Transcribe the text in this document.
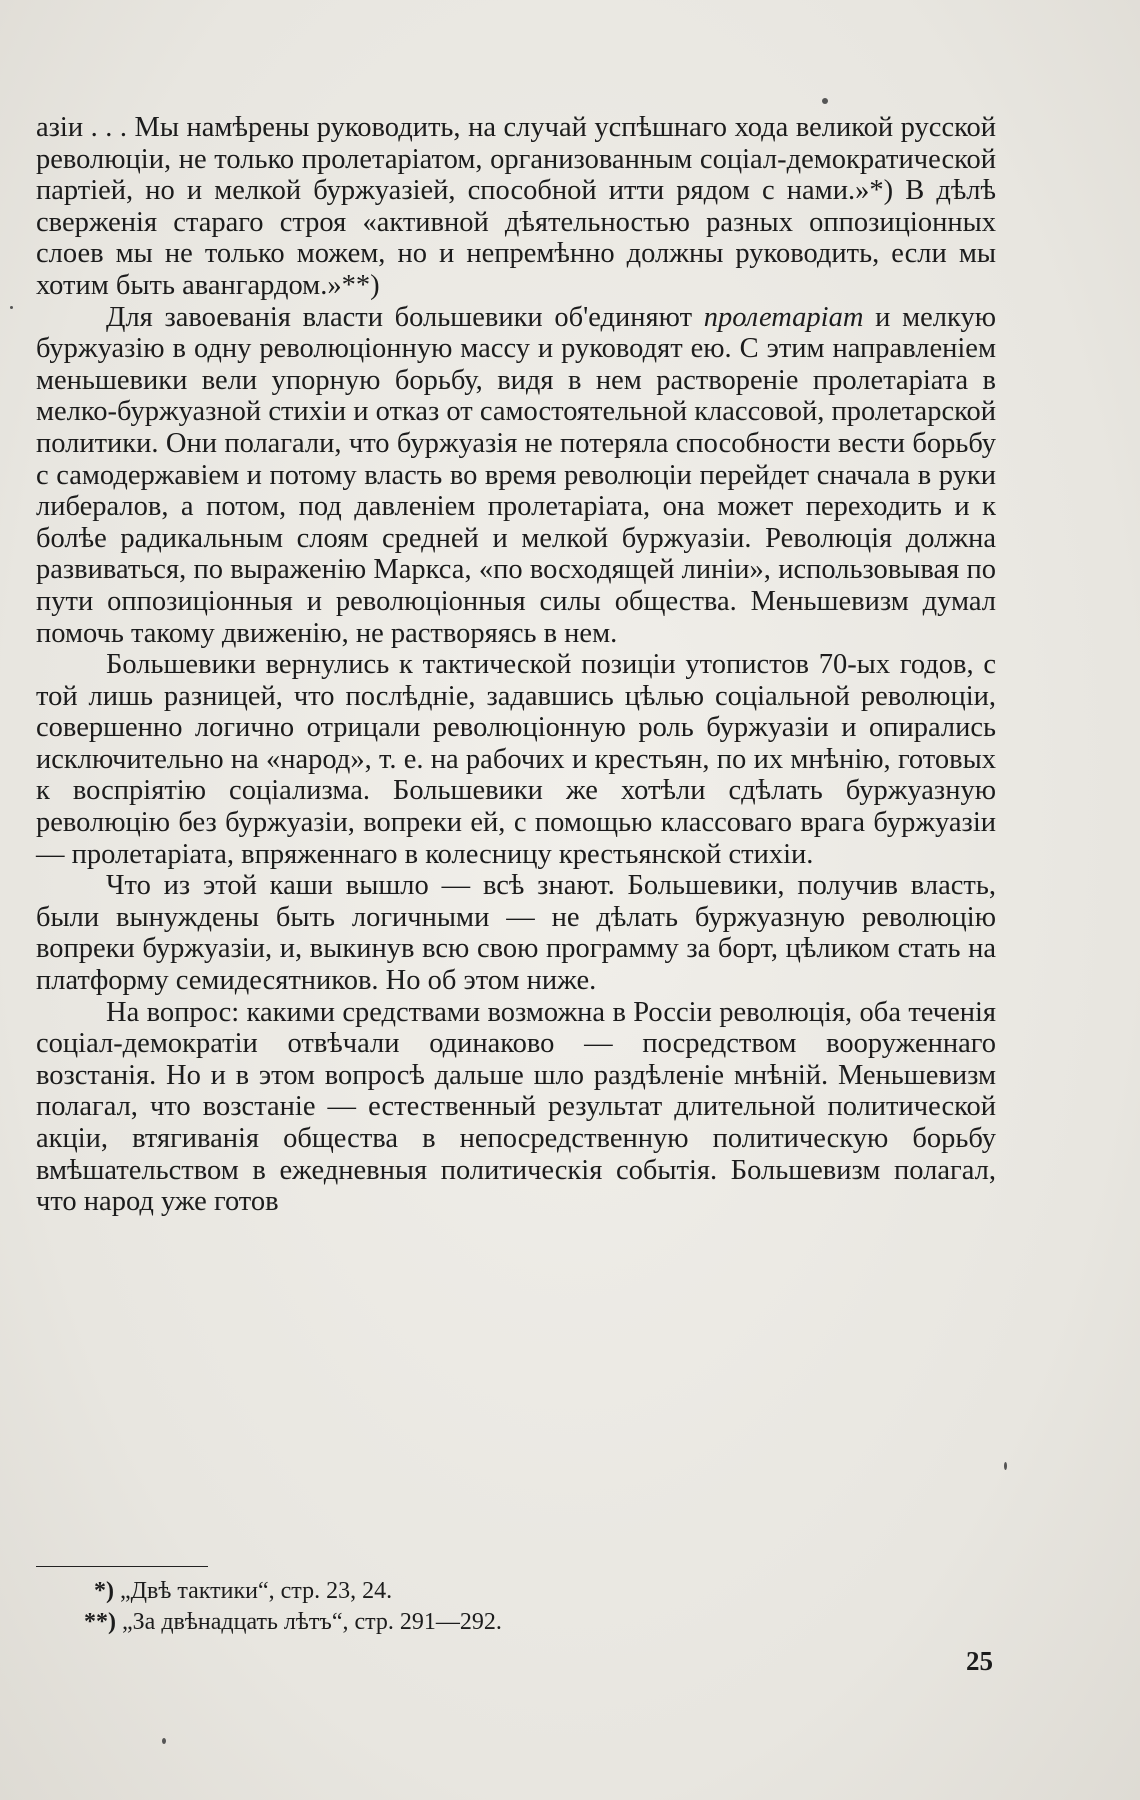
азіи . . . Мы намѣрены руководить, на случай успѣшнаго хода великой русской революціи, не только пролетаріатом, организованным соціал-демократической партіей, но и мелкой буржуазіей, способной итти рядом с нами.»*) В дѣлѣ сверженія стараго строя «активной дѣятельностью разных оппозиціонных слоев мы не только можем, но и непремѣнно должны руководить, если мы хотим быть авангардом.»**)

Для завоеванія власти большевики об'единяют пролетаріат и мелкую буржуазію в одну революціонную массу и руководят ею. С этим направленіем меньшевики вели упорную борьбу, видя в нем раствореніе пролетаріата в мелко-буржуазной стихіи и отказ от самостоятельной классовой, пролетарской политики. Они полагали, что буржуазія не потеряла способности вести борьбу с самодержавіем и потому власть во время революціи перейдет сначала в руки либералов, а потом, под давленіем пролетаріата, она может переходить и к болѣе радикальным слоям средней и мелкой буржуазіи. Революція должна развиваться, по выраженію Маркса, «по восходящей линіи», использовывая по пути оппозиціонныя и революціонныя силы общества. Меньшевизм думал помочь такому движенію, не растворяясь в нем.

Большевики вернулись к тактической позиціи утопистов 70-ых годов, с той лишь разницей, что послѣдніе, задавшись цѣлью соціальной революціи, совершенно логично отрицали революціонную роль буржуазіи и опирались исключительно на «народ», т. е. на рабочих и крестьян, по их мнѣнію, готовых к воспріятію соціализма. Большевики же хотѣли сдѣлать буржуазную революцію без буржуазіи, вопреки ей, с помощью классоваго врага буржуазіи — пролетаріата, впряженнаго в колесницу крестьянской стихіи.

Что из этой каши вышло — всѣ знают. Большевики, получив власть, были вынуждены быть логичными — не дѣлать буржуазную революцію вопреки буржуазіи, и, выкинув всю свою программу за борт, цѣликом стать на платформу семидесятников. Но об этом ниже.

На вопрос: какими средствами возможна в Россіи революція, оба теченія соціал-демократіи отвѣчали одинаково — посредством вооруженнаго возстанія. Но и в этом вопросѣ дальше шло раздѣленіе мнѣній. Меньшевизм полагал, что возстаніе — естественный результат длительной политической акціи, втягиванія общества в непосредственную политическую борьбу вмѣшательством в ежедневныя политическія событія. Большевизм полагал, что народ уже готов

*) „Двѣ тактики“, стр. 23, 24.

**) „За двѣнадцать лѣтъ“, стр. 291—292.

25
